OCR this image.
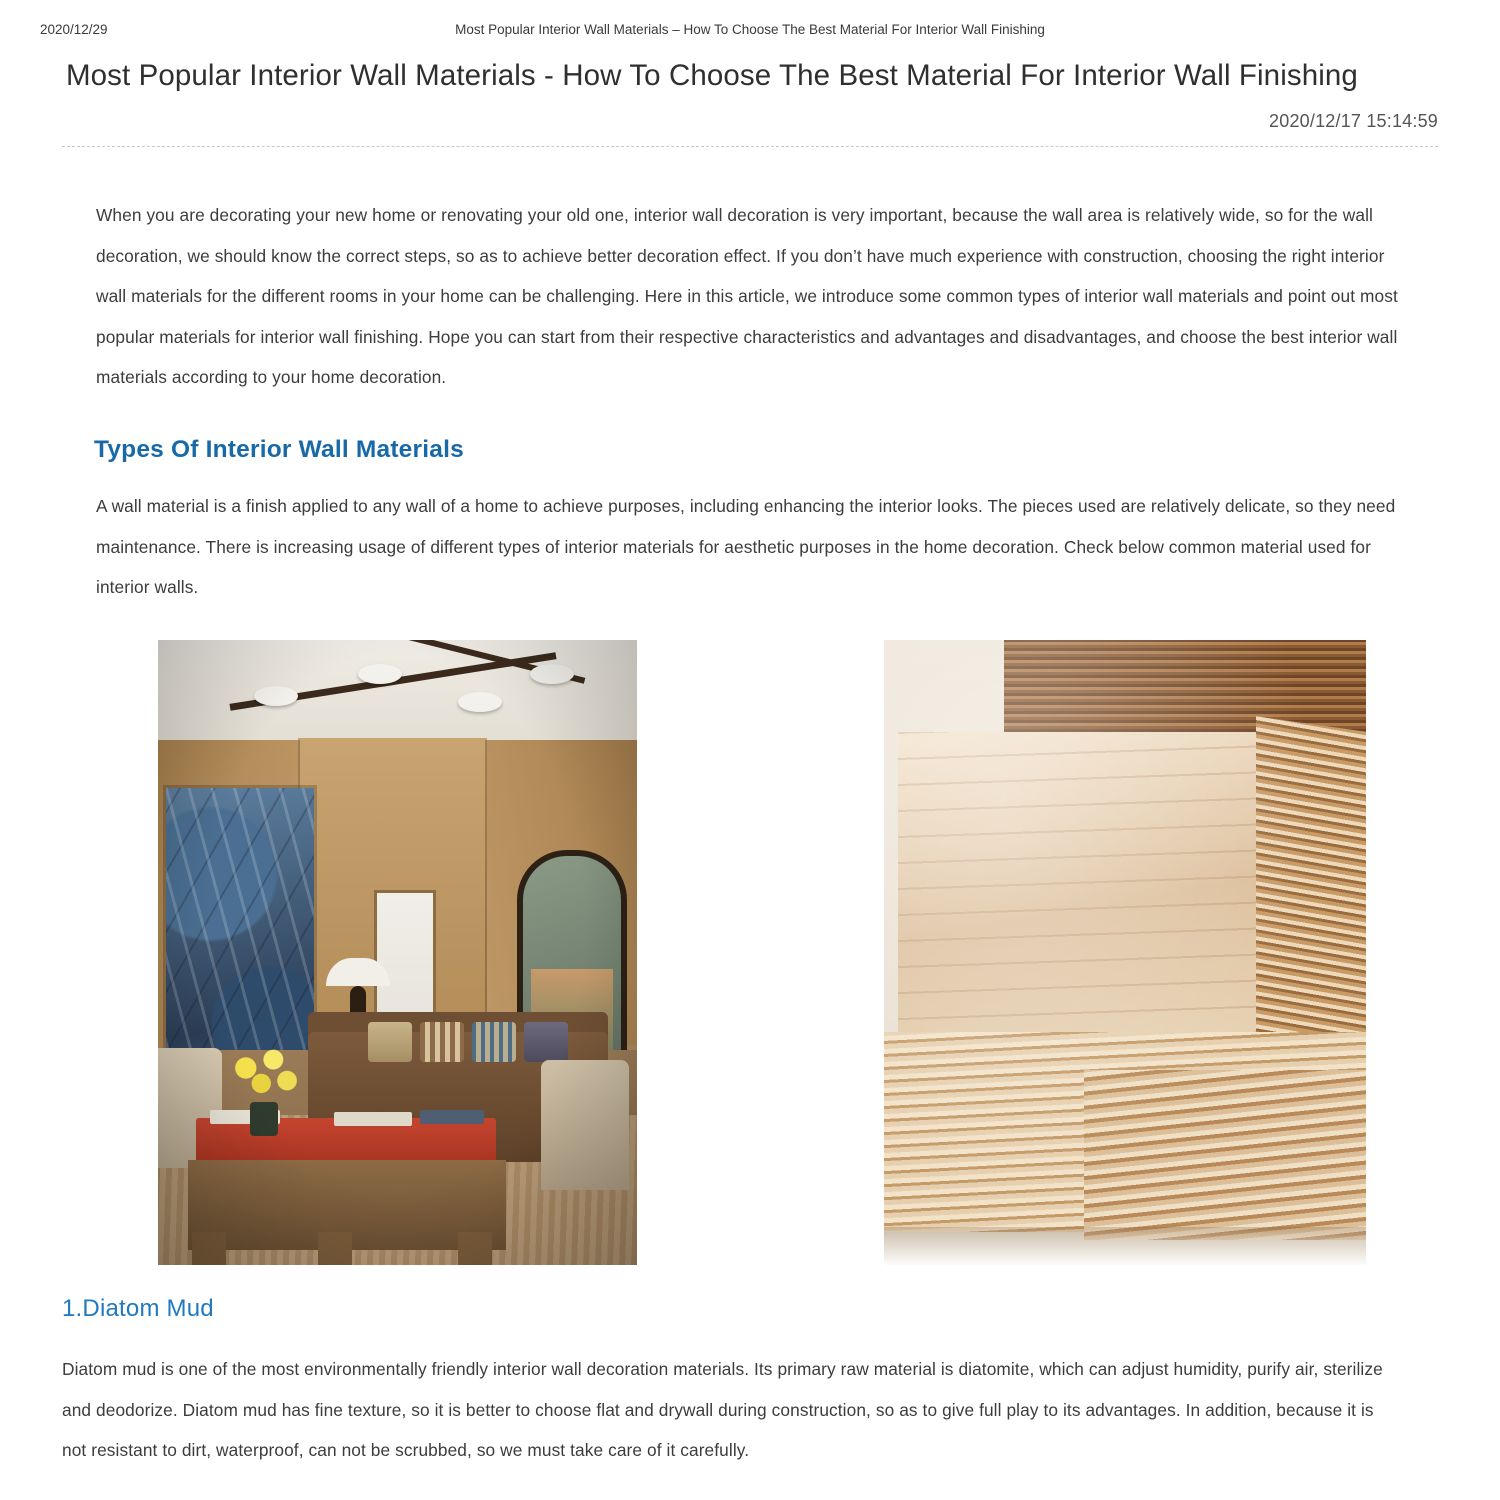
2020/12/29	Most Popular Interior Wall Materials – How To Choose The Best Material For Interior Wall Finishing
Most Popular Interior Wall Materials - How To Choose The Best Material For Interior Wall Finishing
2020/12/17 15:14:59

When you are decorating your new home or renovating your old one, interior wall decoration is very important, because the wall area is relatively wide, so for the wall decoration, we should know the correct steps, so as to achieve better decoration effect. If you don’t have much experience with construction, choosing the right interior wall materials for the different rooms in your home can be challenging. Here in this article, we introduce some common types of interior wall materials and point out most popular materials for interior wall finishing. Hope you can start from their respective characteristics and advantages and disadvantages, and choose the best interior wall materials according to your home decoration.

Types Of Interior Wall Materials

A wall material is a finish applied to any wall of a home to achieve purposes, including enhancing the interior looks. The pieces used are relatively delicate, so they need maintenance. There is increasing usage of different types of interior materials for aesthetic purposes in the home decoration. Check below common material used for interior walls.

1.Diatom Mud

Diatom mud is one of the most environmentally friendly interior wall decoration materials. Its primary raw material is diatomite, which can adjust humidity, purify air, sterilize and deodorize. Diatom mud has fine texture, so it is better to choose flat and drywall during construction, so as to give full play to its advantages. In addition, because it is not resistant to dirt, waterproof, can not be scrubbed, so we must take care of it carefully.
